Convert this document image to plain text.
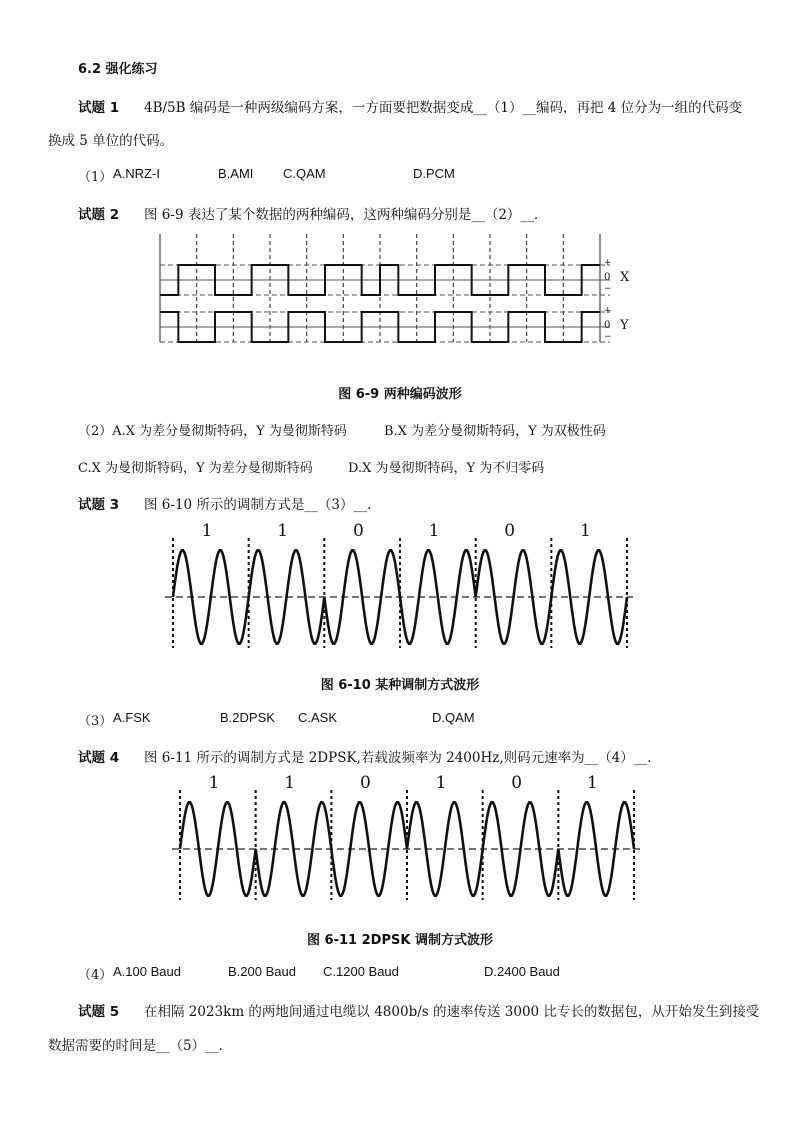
6.2 强化练习
试题 1 4B/5B 编码是一种两级编码方案，一方面要把数据变成__（1）__编码，再把 4 位分为一组的代码变
换成 5 单位的代码。
（1） A.NRZ-I	B.AMI C.QAM	D.PCM
试题 2 图 6-9 表达了某个数据的两种编码，这两种编码分别是__（2）__.
+
0
−
X
+
0
−
Y
图 6-9 两种编码波形
（2）A.X 为差分曼彻斯特码，Y 为曼彻斯特码	B.X 为差分曼彻斯特码，Y 为双极性码
C.X 为曼彻斯特码，Y 为差分曼彻斯特码	D.X 为曼彻斯特码，Y 为不归零码
试题 3 图 6-10 所示的调制方式是__（3）__.
1	1	0	1	0	1
图 6-10 某种调制方式波形
（3） A.FSK	B.2DPSK C.ASK	D.QAM
试题 4 图 6-11 所示的调制方式是 2DPSK,若载波频率为 2400Hz,则码元速率为__（4）__.
1	1	0	1	0	1
图 6-11 2DPSK 调制方式波形
（4） A.100 Baud	B.200 Baud C.1200 Baud	D.2400 Baud
试题 5 在相隔 2023km 的两地间通过电缆以 4800b/s 的速率传送 3000 比专长的数据包，从开始发生到接受
数据需要的时间是__（5）__.
